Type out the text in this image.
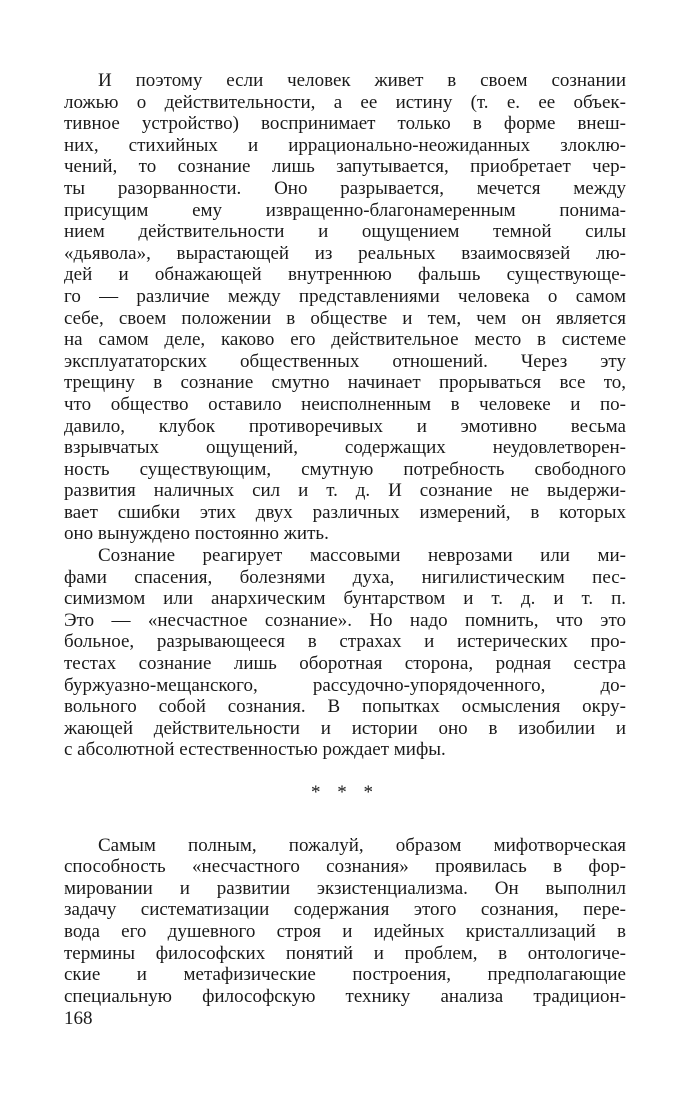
И поэтому если человек живет в своем сознании
ложью о действительности, а ее истину (т. е. ее объек-
тивное устройство) воспринимает только в форме внеш-
них, стихийных и иррационально-неожиданных злоклю-
чений, то сознание лишь запутывается, приобретает чер-
ты разорванности. Оно разрывается, мечется между
присущим ему извращенно-благонамеренным понима-
нием действительности и ощущением темной силы
«дьявола», вырастающей из реальных взаимосвязей лю-
дей и обнажающей внутреннюю фальшь существующе-
го — различие между представлениями человека о самом
себе, своем положении в обществе и тем, чем он является
на самом деле, каково его действительное место в системе
эксплуататорских общественных отношений. Через эту
трещину в сознание смутно начинает прорываться все то,
что общество оставило неисполненным в человеке и по-
давило, клубок противоречивых и эмотивно весьма
взрывчатых ощущений, содержащих неудовлетворен-
ность существующим, смутную потребность свободного
развития наличных сил и т. д. И сознание не выдержи-
вает сшибки этих двух различных измерений, в которых
оно вынуждено постоянно жить.
Сознание реагирует массовыми неврозами или ми-
фами спасения, болезнями духа, нигилистическим пес-
симизмом или анархическим бунтарством и т. д. и т. п.
Это — «несчастное сознание». Но надо помнить, что это
больное, разрывающееся в страхах и истерических про-
тестах сознание лишь оборотная сторона, родная сестра
буржуазно-мещанского, рассудочно-упорядоченного, до-
вольного собой сознания. В попытках осмысления окру-
жающей действительности и истории оно в изобилии и
с абсолютной естественностью рождает мифы.
* * *
Самым полным, пожалуй, образом мифотворческая
способность «несчастного сознания» проявилась в фор-
мировании и развитии экзистенциализма. Он выполнил
задачу систематизации содержания этого сознания, пере-
вода его душевного строя и идейных кристаллизаций в
термины философских понятий и проблем, в онтологиче-
ские и метафизические построения, предполагающие
специальную философскую технику анализа традицион-
168
